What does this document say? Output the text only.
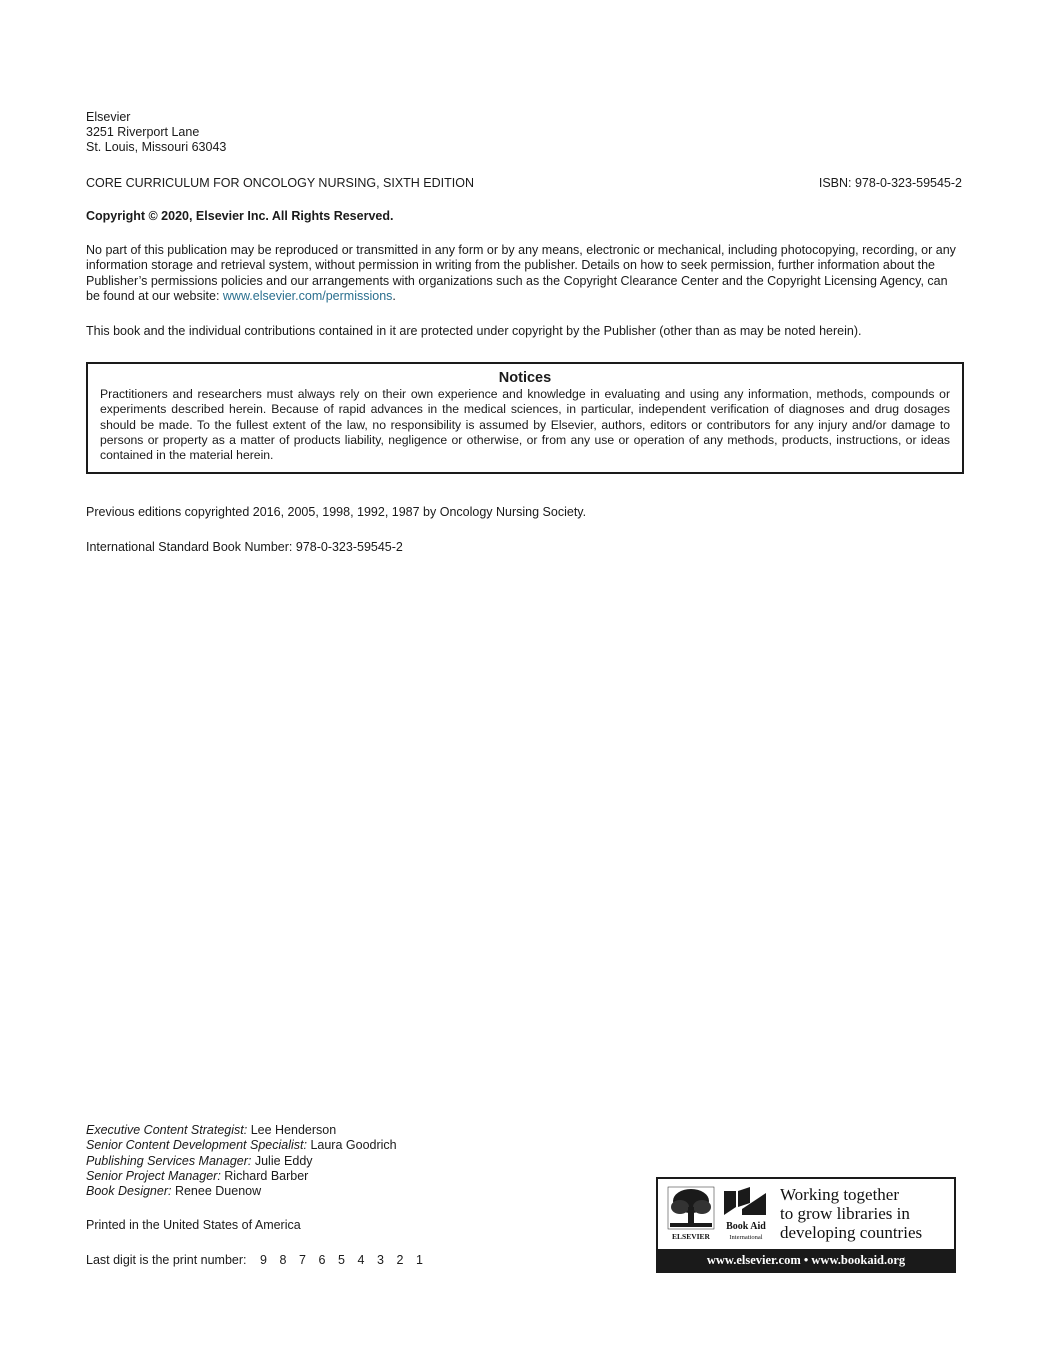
Elsevier
3251 Riverport Lane
St. Louis, Missouri 63043
CORE CURRICULUM FOR ONCOLOGY NURSING, SIXTH EDITION	ISBN: 978-0-323-59545-2
Copyright © 2020, Elsevier Inc. All Rights Reserved.
No part of this publication may be reproduced or transmitted in any form or by any means, electronic or mechanical, including photocopying, recording, or any information storage and retrieval system, without permission in writing from the publisher. Details on how to seek permission, further information about the Publisher’s permissions policies and our arrangements with organizations such as the Copyright Clearance Center and the Copyright Licensing Agency, can be found at our website: www.elsevier.com/permissions.
This book and the individual contributions contained in it are protected under copyright by the Publisher (other than as may be noted herein).
Notices
Practitioners and researchers must always rely on their own experience and knowledge in evaluating and using any information, methods, compounds or experiments described herein. Because of rapid advances in the medical sciences, in particular, independent verification of diagnoses and drug dosages should be made. To the fullest extent of the law, no responsibility is assumed by Elsevier, authors, editors or contributors for any injury and/or damage to persons or property as a matter of products liability, negligence or otherwise, or from any use or operation of any methods, products, instructions, or ideas contained in the material herein.
Previous editions copyrighted 2016, 2005, 1998, 1992, 1987 by Oncology Nursing Society.
International Standard Book Number: 978-0-323-59545-2
Executive Content Strategist: Lee Henderson
Senior Content Development Specialist: Laura Goodrich
Publishing Services Manager: Julie Eddy
Senior Project Manager: Richard Barber
Book Designer: Renee Duenow
Printed in the United States of America
Last digit is the print number: 9 8 7 6 5 4 3 2 1
ELSEVIER
Book Aid
International
Working together
to grow libraries in
developing countries
www.elsevier.com • www.bookaid.org
